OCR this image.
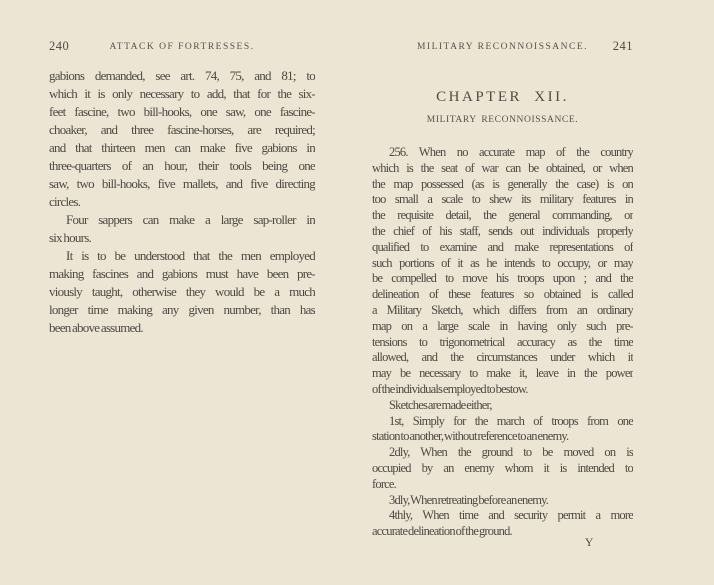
240	ATTACK OF FORTRESSES.
gabions demanded, see art. 74, 75, and 81; to
which it is only necessary to add, that for the six-
feet fascine, two bill-hooks, one saw, one fascine-
choaker, and three fascine-horses, are required;
and that thirteen men can make five gabions in
three-quarters of an hour, their tools being one
saw, two bill-hooks, five mallets, and five directing
circles.
Four sappers can make a large sap-roller in
six hours.
It is to be understood that the men employed
making fascines and gabions must have been pre-
viously taught, otherwise they would be a much
longer time making any given number, than has
been above assumed.
MILITARY RECONNOISSANCE. 241
CHAPTER XII.
MILITARY RECONNOISSANCE.
256. When no accurate map of the country
which is the seat of war can be obtained, or when
the map possessed (as is generally the case) is on
too small a scale to shew its military features in
the requisite detail, the general commanding, or
the chief of his staff, sends out individuals properly
qualified to examine and make representations of
such portions of it as he intends to occupy, or may
be compelled to move his troops upon ; and the
delineation of these features so obtained is called
a Military Sketch, which differs from an ordinary
map on a large scale in having only such pre-
tensions to trigonometrical accuracy as the time
allowed, and the circumstances under which it
may be necessary to make it, leave in the power
of the individuals employed to bestow.
Sketches are made either,
1st, Simply for the march of troops from one
station to another, without reference to an enemy.
2dly, When the ground to be moved on is
occupied by an enemy whom it is intended to
force.
3dly, When retreating before an enemy.
4thly, When time and security permit a more
accurate delineation of the ground.
Y
